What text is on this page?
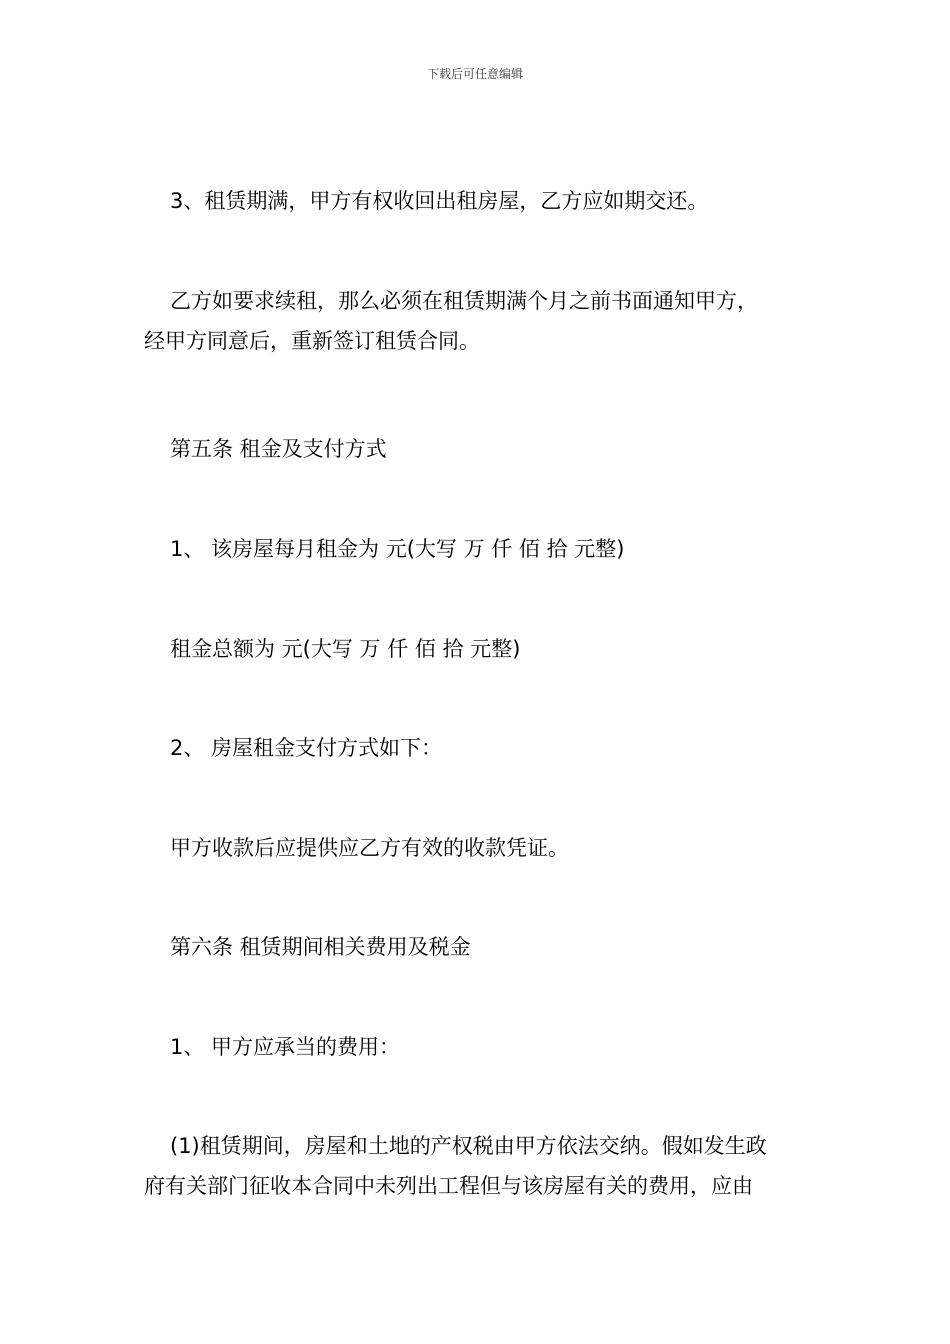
下载后可任意编辑

3、租赁期满，甲方有权收回出租房屋，乙方应如期交还。

乙方如要求续租，那么必须在租赁期满个月之前书面通知甲方，
经甲方同意后，重新签订租赁合同。

第五条 租金及支付方式

1、 该房屋每月租金为 元(大写 万 仟 佰 拾 元整)

租金总额为 元(大写 万 仟 佰 拾 元整)

2、 房屋租金支付方式如下：

甲方收款后应提供应乙方有效的收款凭证。

第六条 租赁期间相关费用及税金

1、 甲方应承当的费用：

(1)租赁期间，房屋和土地的产权税由甲方依法交纳。假如发生政
府有关部门征收本合同中未列出工程但与该房屋有关的费用，应由
